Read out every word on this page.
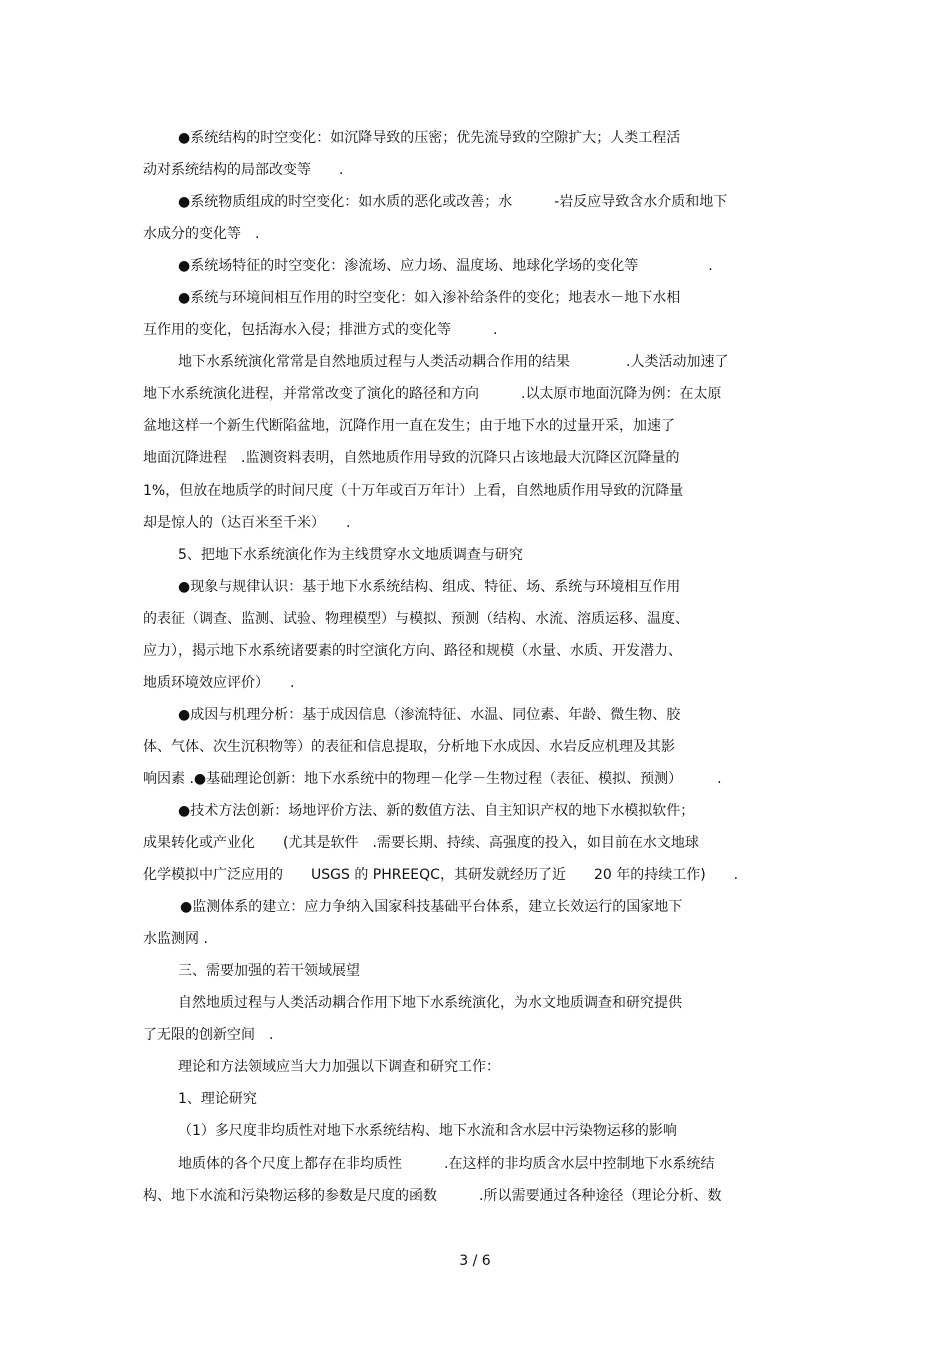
●系统结构的时空变化：如沉降导致的压密；优先流导致的空隙扩大；人类工程活
动对系统结构的局部改变等　　.
●系统物质组成的时空变化：如水质的恶化或改善；水　　　-岩反应导致含水介质和地下
水成分的变化等　.
●系统场特征的时空变化：渗流场、应力场、温度场、地球化学场的变化等　　　　　.
●系统与环境间相互作用的时空变化：如入渗补给条件的变化；地表水－地下水相
互作用的变化，包括海水入侵；排泄方式的变化等　　　.
地下水系统演化常常是自然地质过程与人类活动耦合作用的结果　　　　.人类活动加速了
地下水系统演化进程，并常常改变了演化的路径和方向　　　.以太原市地面沉降为例：在太原
盆地这样一个新生代断陷盆地，沉降作用一直在发生；由于地下水的过量开采，加速了
地面沉降进程　.监测资料表明，自然地质作用导致的沉降只占该地最大沉降区沉降量的
1%，但放在地质学的时间尺度（十万年或百万年计）上看，自然地质作用导致的沉降量
却是惊人的（达百米至千米）　　.
5、把地下水系统演化作为主线贯穿水文地质调查与研究
●现象与规律认识：基于地下水系统结构、组成、特征、场、系统与环境相互作用
的表征（调查、监测、试验、物理模型）与模拟、预测（结构、水流、溶质运移、温度、
应力），揭示地下水系统诸要素的时空演化方向、路径和规模（水量、水质、开发潜力、
地质环境效应评价）　　.
●成因与机理分析：基于成因信息（渗流特征、水温、同位素、年龄、微生物、胶
体、气体、次生沉积物等）的表征和信息提取，分析地下水成因、水岩反应机理及其影
响因素 .●基础理论创新：地下水系统中的物理－化学－生物过程（表征、模拟、预测）　　　.
●技术方法创新：场地评价方法、新的数值方法、自主知识产权的地下水模拟软件；
成果转化或产业化　　(尤其是软件　.需要长期、持续、高强度的投入，如目前在水文地球
化学模拟中广泛应用的　　USGS 的 PHREEQC，其研发就经历了近　　20 年的持续工作)　　.
●监测体系的建立：应力争纳入国家科技基础平台体系，建立长效运行的国家地下
水监测网 .
三、需要加强的若干领域展望
自然地质过程与人类活动耦合作用下地下水系统演化，为水文地质调查和研究提供
了无限的创新空间　.
理论和方法领域应当大力加强以下调查和研究工作：
1、理论研究
（1）多尺度非均质性对地下水系统结构、地下水流和含水层中污染物运移的影响
地质体的各个尺度上都存在非均质性　　　.在这样的非均质含水层中控制地下水系统结
构、地下水流和污染物运移的参数是尺度的函数　　　.所以需要通过各种途径（理论分析、数
3 / 6
